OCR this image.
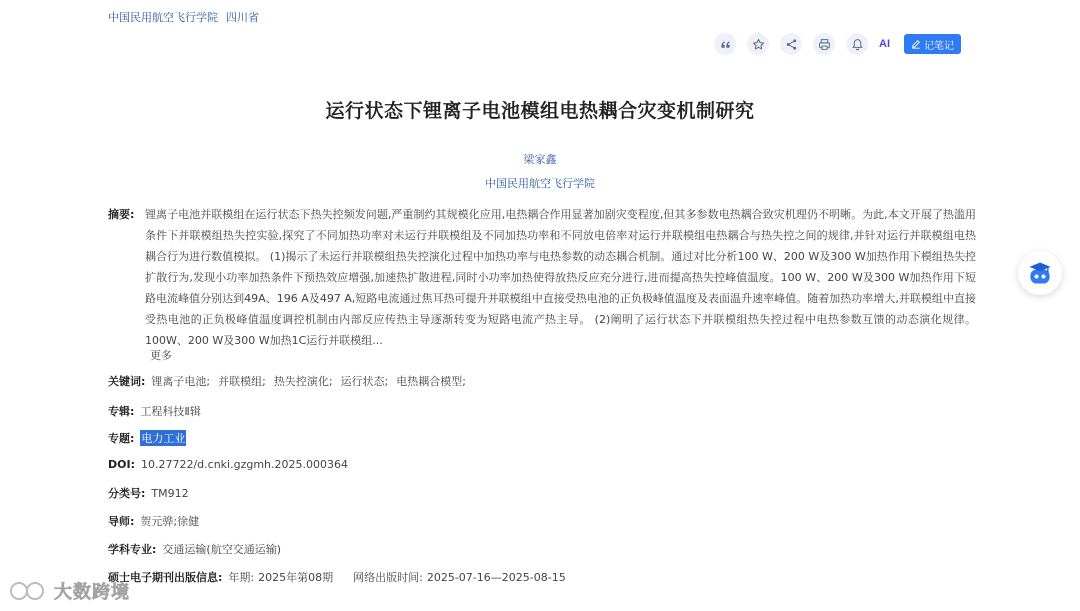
中国民用航空飞行学院 四川省
AI	记笔记
运行状态下锂离子电池模组电热耦合灾变机制研究
梁家鑫
中国民用航空飞行学院
摘要: 锂离子电池并联模组在运行状态下热失控频发问题,严重制约其规模化应用,电热耦合作用显著加剧灾变程度,但其多参数电热耦合致灾机理仍不明晰。为此,本文开展了热滥用条件下并联模组热失控实验,探究了不同加热功率对未运行并联模组及不同加热功率和不同放电倍率对运行并联模组电热耦合与热失控之间的规律,并针对运行并联模组电热耦合行为进行数值模拟。 (1)揭示了未运行并联模组热失控演化过程中加热功率与电热参数的动态耦合机制。通过对比分析100 W、200 W及300 W加热作用下模组热失控扩散行为,发现小功率加热条件下预热效应增强,加速热扩散进程,同时小功率加热使得放热反应充分进行,进而提高热失控峰值温度。100 W、200 W及300 W加热作用下短路电流峰值分别达到49A、196 A及497 A,短路电流通过焦耳热可提升并联模组中直接受热电池的正负极峰值温度及表面温升速率峰值。随着加热功率增大,并联模组中直接受热电池的正负极峰值温度调控机制由内部反应传热主导逐渐转变为短路电流产热主导。 (2)阐明了运行状态下并联模组热失控过程中电热参数互馈的动态演化规律。100W、200 W及300 W加热1C运行并联模组...
更多
关键词: 锂离子电池; 并联模组; 热失控演化; 运行状态; 电热耦合模型;
专辑: 工程科技Ⅱ辑
专题: 电力工业
DOI: 10.27722/d.cnki.gzgmh.2025.000364
分类号: TM912
导师: 贺元骅;徐健
学科专业: 交通运输(航空交通运输)
硕士电子期刊出版信息: 年期: 2025年第08期 网络出版时间: 2025-07-16—2025-08-15
大数跨境
